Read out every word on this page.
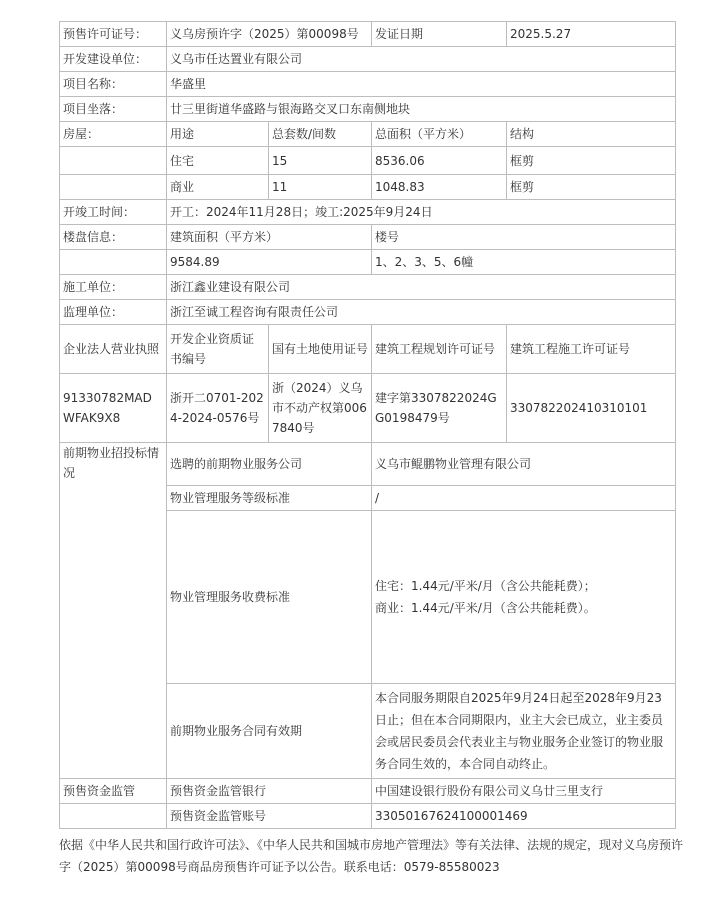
预售许可证号：	义乌房预许字（2025）第00098号		发证日期	2025.5.27
开发建设单位：	义乌市任达置业有限公司			
项目名称：	华盛里			
项目坐落：	廿三里街道华盛路与银海路交叉口东南侧地块			
房屋：	用途	总套数/间数	总面积（平方米）	结构
	住宅	15	8536.06	框剪
	商业	11	1048.83	框剪
开竣工时间：	开工：2024年11月28日；竣工:2025年9月24日			
楼盘信息：	建筑面积（平方米）		楼号	
	9584.89		1、2、3、5、6幢	
施工单位：	浙江鑫业建设有限公司			
监理单位：	浙江至诚工程咨询有限责任公司			
企业法人营业执照	开发企业资质证书编号	国有土地使用证号	建筑工程规划许可证号	建筑工程施工许可证号
91330782MADWFAK9X8	浙开二0701-2024-2024-0576号	浙（2024）义乌市不动产权第0067840号	建字第3307822024GG0198479号	330782202410310101
前期物业招投标情况	选聘的前期物业服务公司		义乌市鲲鹏物业管理有限公司	
	物业管理服务等级标准		/	
	物业管理服务收费标准		住宅：1.44元/平米/月（含公共能耗费）；
商业：1.44元/平米/月（含公共能耗费）。	

	前期物业服务合同有效期		本合同服务期限自2025年9月24日起至2028年9月23日止；但在本合同期限内，业主大会已成立，业主委员会或居民委员会代表业主与物业服务企业签订的物业服务合同生效的，本合同自动终止。	
预售资金监管	预售资金监管银行		中国建设银行股份有限公司义乌廿三里支行	
	预售资金监管账号		33050167624100001469	
依据《中华人民共和国行政许可法》、《中华人民共和国城市房地产管理法》等有关法律、法规的规定，现对义乌房预许字（2025）第00098号商品房预售许可证予以公告。联系电话：0579-85580023
